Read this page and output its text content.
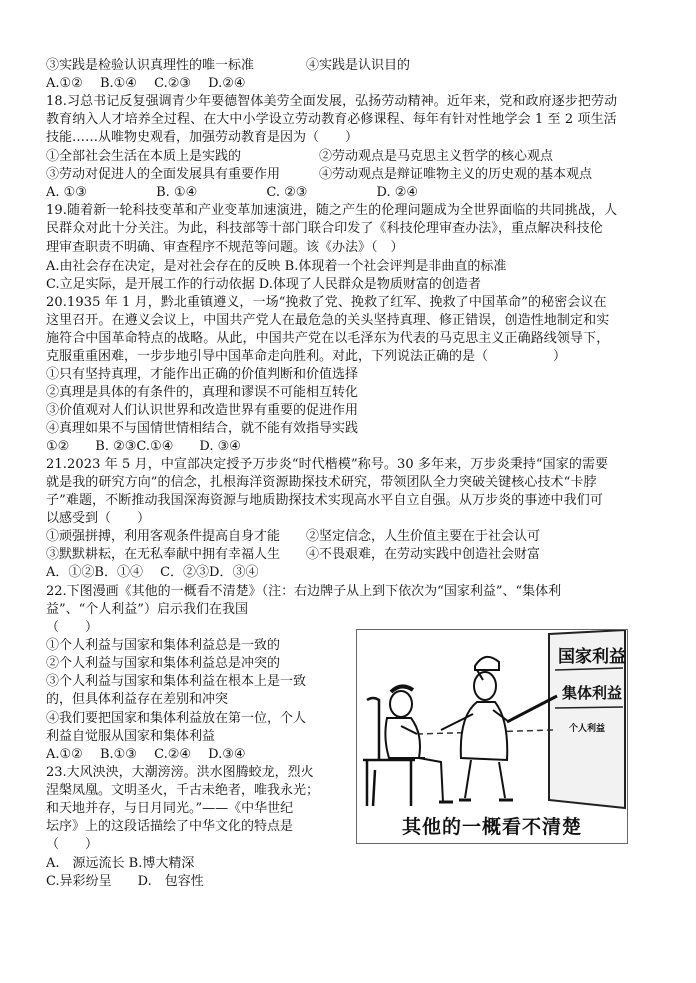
③实践是检验认识真理性的唯一标准　　　　④实践是认识目的
A.①②　 B.①④　 C.②③　 D.②④
18.习总书记反复强调青少年要德智体美劳全面发展，弘扬劳动精神。近年来，党和政府逐步把劳动
教育纳入人才培养全过程、在大中小学设立劳动教育必修课程、每年有针对性地学会 1 至 2 项生活
技能……从唯物史观看，加强劳动教育是因为（　　）
①全部社会生活在本质上是实践的　　　　　　②劳动观点是马克思主义哲学的核心观点
③劳动对促进人的全面发展具有重要作用　　　④劳动观点是辩证唯物主义的历史观的基本观点
A. ①③　　　　　 B. ①④　　　　　 C. ②③　　　　　 D. ②④
19.随着新一轮科技变革和产业变革加速演进，随之产生的伦理问题成为全世界面临的共同挑战，人
民群众对此十分关注。为此，科技部等十部门联合印发了《科技伦理审查办法》，重点解决科技伦
理审查职责不明确、审查程序不规范等问题。该《办法》（　）
A.由社会存在决定，是对社会存在的反映 B.体现着一个社会评判是非曲直的标准
C.立足实际，是开展工作的行动依据 D.体现了人民群众是物质财富的创造者
20.1935 年 1 月，黔北重镇遵义，一场“挽救了党、挽救了红军、挽救了中国革命”的秘密会议在
这里召开。在遵义会议上，中国共产党人在最危急的关头坚持真理、修正错误，创造性地制定和实
施符合中国革命特点的战略。从此，中国共产党在以毛泽东为代表的马克思主义正确路线领导下，
克服重重困难，一步步地引导中国革命走向胜利。对此，下列说法正确的是（　　　　　）
①只有坚持真理，才能作出正确的价值判断和价值选择
②真理是具体的有条件的，真理和谬误不可能相互转化
③价值观对人们认识世界和改造世界有重要的促进作用
④真理如果不与国情世情相结合，就不能有效指导实践
①②　　B. ②③C.①④　　D. ③④
21.2023 年 5 月，中宣部决定授予万步炎“时代楷模”称号。30 多年来，万步炎秉持“国家的需要
就是我的研究方向”的信念，扎根海洋资源勘探技术研究，带领团队全力突破关键核心技术“卡脖
子”难题，不断推动我国深海资源与地质勘探技术实现高水平自立自强。从万步炎的事迹中我们可
以感受到（　　）
①顽强拼搏，利用客观条件提高自身才能　　②坚定信念，人生价值主要在于社会认可
③默默耕耘，在无私奉献中拥有幸福人生　　④不畏艰难，在劳动实践中创造社会财富
A．①②B．①④　 C．②③D．③④
22.下图漫画《其他的一概看不清楚》（注：右边牌子从上到下依次为“国家利益”、“集体利
益”、“个人利益”）启示我们在我国
（　　）
①个人利益与国家和集体利益总是一致的
②个人利益与国家和集体利益总是冲突的
③个人利益与国家和集体利益在根本上是一致
的，但具体利益存在差别和冲突
④我们要把国家和集体利益放在第一位，个人
利益自觉服从国家和集体利益
A.①②　 B.①③　 C.②④　 D.③④
23.大风泱泱，大潮滂滂。洪水图腾蛟龙，烈火
涅槃凤凰。文明圣火，千古未绝者，唯我永光；
和天地并存，与日月同光。”——《中华世纪
坛序》上的这段话描绘了中华文化的特点是
（　　）
A.　源远流长 B.博大精深
C.异彩纷呈　　D.　包容性
国家利益
集体利益
个人利益
其他的一概看不清楚
